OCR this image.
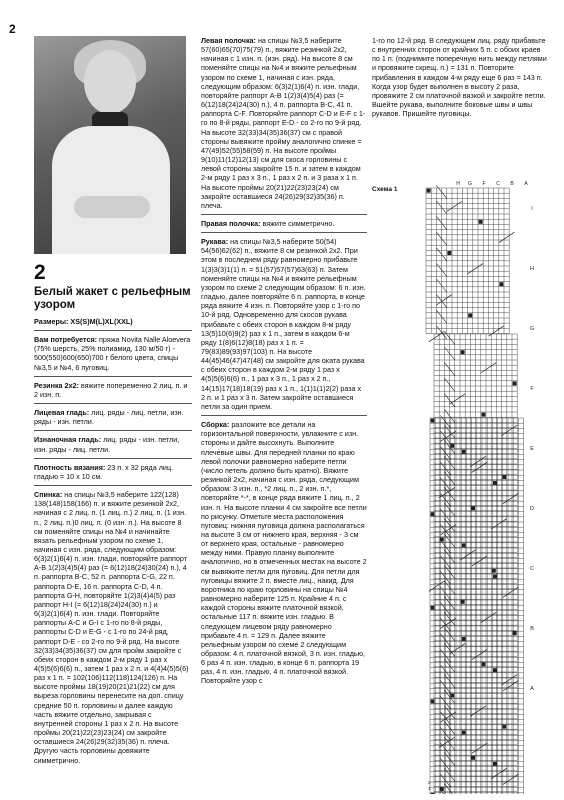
2
2
Белый жакет с рельефным узором

Размеры: XS(S)M(L)XL(XXL)

Вам потребуется: пряжа Novita Nalle Aloevera (75% шерсть, 25% полиамид, 130 м/50 г) - 500(550)600(650)700 г белого цвета, спицы №3,5 и №4, 6 пуговиц.

Резинка 2х2: вяжите попеременно 2 лиц. п. и 2 изн. п.

Лицевая гладь: лиц. ряды - лиц. петли, изн. ряды - изн. петли.

Изнаночная гладь: лиц. ряды - изн. петли, изн. ряды - лиц. петли.

Плотность вязания: 23 п. х 32 ряда лиц. гладью = 10 х 10 см.

Спинка: на спицы №3,5 наберите 122(128) 138(148)158(166) п. и вяжите резинкой 2х2, начиная с 2 лиц. п. (1 лиц. п.) 2 лиц. п. (1 изн. п., 2 лиц. п.)0 лиц. п. (0 изн. п.). На высоте 8 см поменяйте спицы на №4 и начинайте вязать рельефным узором по схеме 1, начиная с изн. ряда, следующим образом: 6(3)2(1)6(4) п. изн. глади, повторяйте раппорт А-В 1(2)3(4)5(4) раз (= 6(12)18(24)30(24) п.), 4 п. раппорта В-С, 52 п. раппорта С-G, 22 п. раппорта D-E, 16 п. раппорта С-D, 4 п. раппорта G-H, повторяйте 1(2)3(4)4(5) раз раппорт H-I (= 6(12)18(24)24(30) п.) и 6(3)2(1)6(4) п. изн. глади. Повторяйте раппорты А-С и G-I с 1-го по 8-й ряды, раппорты С-D и E-G - с 1-го по 24-й ряд, раппорт D-E - со 2-го по 9-й ряд. На высоте 32(33)34(35)36(37) см для пройм закройте с обеих сторон в каждом 2-м ряду 1 раз х 4(5)5(6)6(6) п., затем 1 раз х 2 п. и 4(4)4(5)5(6) раз х 1 п. = 102(106)112(118)124(126) п. На высоте проймы 18(19)20(21)21(22) см для выреза горловины перенесите на доп. спицу средние 50 п. горловины и далее каждую часть вяжите отдельно, закрывая с внутренней стороны 1 раз х 2 п. На высоте проймы 20(21)22(23)23(24) см закройте оставшиеся 24(26)29(32)35(36) п. плеча. Другую часть горловины довяжите симметрично.

Левая полочка: на спицы №3,5 наберите 57(60)65(70)75(79) п., вяжите резинкой 2х2, начиная с 1 изн. п. (изн. ряд). На высоте 8 см поменяйте спицы на №4 и вяжите рельефным узором по схеме 1, начиная с изн. ряда, следующим образом: 6(3)2(1)6(4) п. изн. глади, повторяйте раппорт А-В 1(2)3(4)5(4) раз (= 6(12)18(24)24(30) п.), 4 п. раппорта В-С, 41 п. раппорта С-F. Повторяйте раппорт С-D и E-F с 1-го по 8-й ряды, раппорт E-D - со 2-го по 9-й ряд. На высоте 32(33)34(35)36(37) см с правой стороны вывяжите пройму аналогично спинке = 47(49)52(55)58(59) п. На высоте проймы 9(10)11(12)12(13) см для скоса горловины с левой стороны закройте 15 п. и затем в каждом 2-м ряду 1 раз х 3 п., 1 раз х 2 п. и 3 раза х 1 п. На высоте проймы 20(21)22(23)23(24) см закройте оставшиеся 24(26)29(32)35(36) п. плеча.

Правая полочка: вяжите симметрично.

Рукава: на спицы №3,5 наберите 50(54) 54(56)62(62) п., вяжите 8 см резинкой 2х2. При этом в последнем ряду равномерно прибавьте 1(3)3(3)1(1) п. = 51(57)57(57)63(63) п. Затем поменяйте спицы на №4 и вяжите рельефным узором по схеме 2 следующим образом: 6 п. изн. гладью, далее повторяйте 6 п. раппорта, в конце ряда вяжите 4 изн. п. Повторяйте узор с 1-го по 10-й ряд. Одновременно для скосов рукава прибавьте с обеих сторон в каждом 8-м ряду 13(5)10(6)9(2) раз х 1 п., затем в каждом 6-м ряду 1(8)6(12)8(18) раз х 1 п. = 79(83)89(93)97(103) п. На высоте 44(45)46(47)47(48) см закройте для оката рукава с обеих сторон в каждом 2-м ряду 1 раз х 4(5)5(6)6(6) п., 1 раз х 3 п., 1 раз х 2 п., 14(15)17(18)18(19) раз х 1 п., 1(1)1(1)2(2) раза х 2 п. и 1 раз х 3 п. Затем закройте оставшиеся петли за один прием.

Сборка: разложите все детали на горизонтальной поверхности, увлажните с изн. стороны и дайте высохнуть. Выполните плечевые швы. Для передней планки по краю левой полочки равномерно наберите петли (число петель должно быть кратно). Вяжите резинкой 2х2, начиная с изн. ряда, следующим образом: 3 изн. п., *2 лиц. п., 2 изн. п.*, повторяйте *-*, в конце ряда вяжите 1 лиц. п., 2 изн. п. На высоте планки 4 см закройте все петли по рисунку. Отметьте места расположения пуговиц: нижняя пуговица должна располагаться на высоте 3 см от нижнего края, верхняя - 3 см от верхнего края, остальные - равномерно между ними. Правую планку выполните аналогично, но в отмеченных местах на высоте 2 см вывяжите петли для пуговиц. Для петли для пуговицы вяжите 2 п. вместе лиц., накид. Для воротника по краю горловины на спицы №4 равномерно наберите 125 п. Крайние 4 п. с каждой стороны вяжите платочной вязкой, остальные 117 п. вяжите изн. гладью. В следующем лицевом ряду равномерно прибавьте 4 п. = 129 п. Далее вяжите рельефным узором по схеме 2 следующим образом: 4 п. платочной вязкой, 3 п. изн. гладью, 6 раз 4 п. изн. гладью, в конце 6 п. раппорта 19 раз, 4 п. изн. гладью, 4 п. платочной вязкой. Повторяйте узор с

1-го по 12-й ряд. В следующем лиц. ряду прибавьте с внутренних сторон от крайних 5 п. с обоих краев по 1 п. (поднимите поперечную нить между петлями и провяжите скрещ. п.) = 131 п. Повторите прибавления в каждом 4-м ряду еще 6 раз = 143 п. Когда узор будет выполнен в высоту 2 раза, провяжите 2 см платочной вязкой и закройте петли. Вшейте рукава, выполните боковые швы и швы рукавов. Пришейте пуговицы.

Схема 1
H G F C B A
I
H
G
F
E
D
C
B
A
1
2
